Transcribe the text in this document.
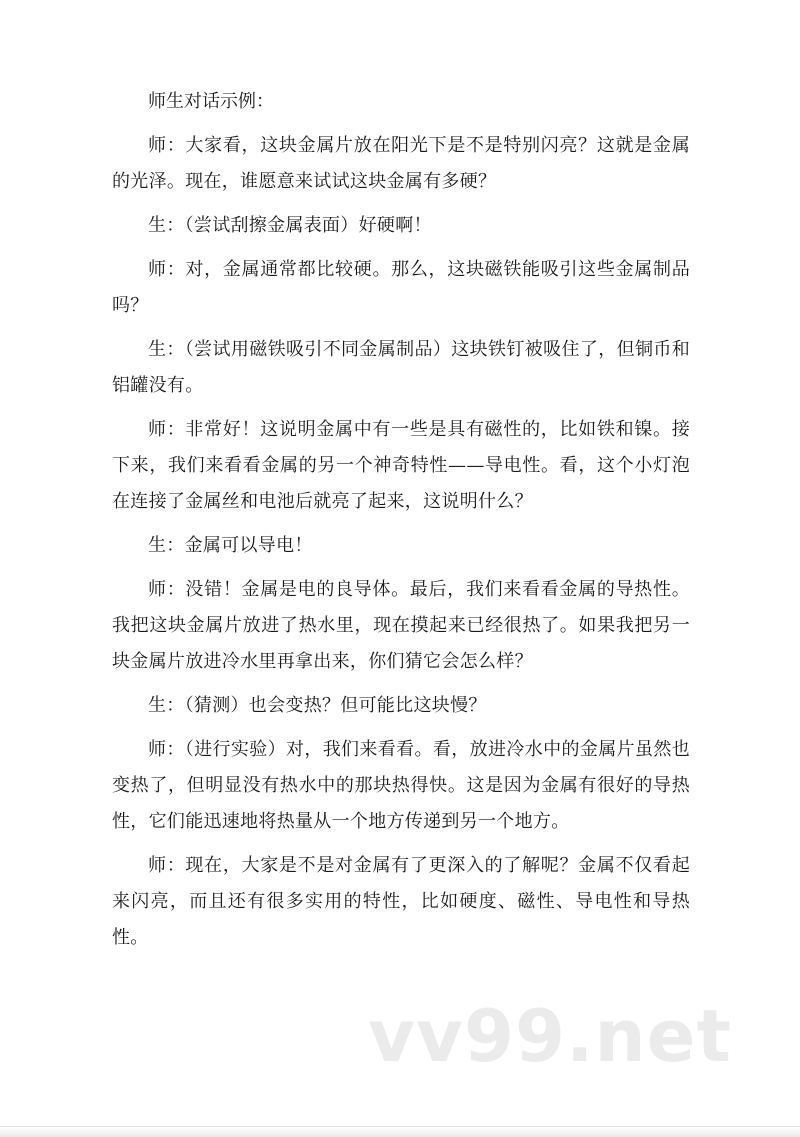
师生对话示例：

师：大家看，这块金属片放在阳光下是不是特别闪亮？这就是金属的光泽。现在，谁愿意来试试这块金属有多硬？

生：（尝试刮擦金属表面）好硬啊！

师：对，金属通常都比较硬。那么，这块磁铁能吸引这些金属制品吗？

生：（尝试用磁铁吸引不同金属制品）这块铁钉被吸住了，但铜币和铝罐没有。

师：非常好！这说明金属中有一些是具有磁性的，比如铁和镍。接下来，我们来看看金属的另一个神奇特性——导电性。看，这个小灯泡在连接了金属丝和电池后就亮了起来，这说明什么？

生：金属可以导电！

师：没错！金属是电的良导体。最后，我们来看看金属的导热性。我把这块金属片放进了热水里，现在摸起来已经很热了。如果我把另一块金属片放进冷水里再拿出来，你们猜它会怎么样？

生：（猜测）也会变热？但可能比这块慢？

师：（进行实验）对，我们来看看。看，放进冷水中的金属片虽然也变热了，但明显没有热水中的那块热得快。这是因为金属有很好的导热性，它们能迅速地将热量从一个地方传递到另一个地方。

师：现在，大家是不是对金属有了更深入的了解呢？金属不仅看起来闪亮，而且还有很多实用的特性，比如硬度、磁性、导电性和导热性。

vv99.net
